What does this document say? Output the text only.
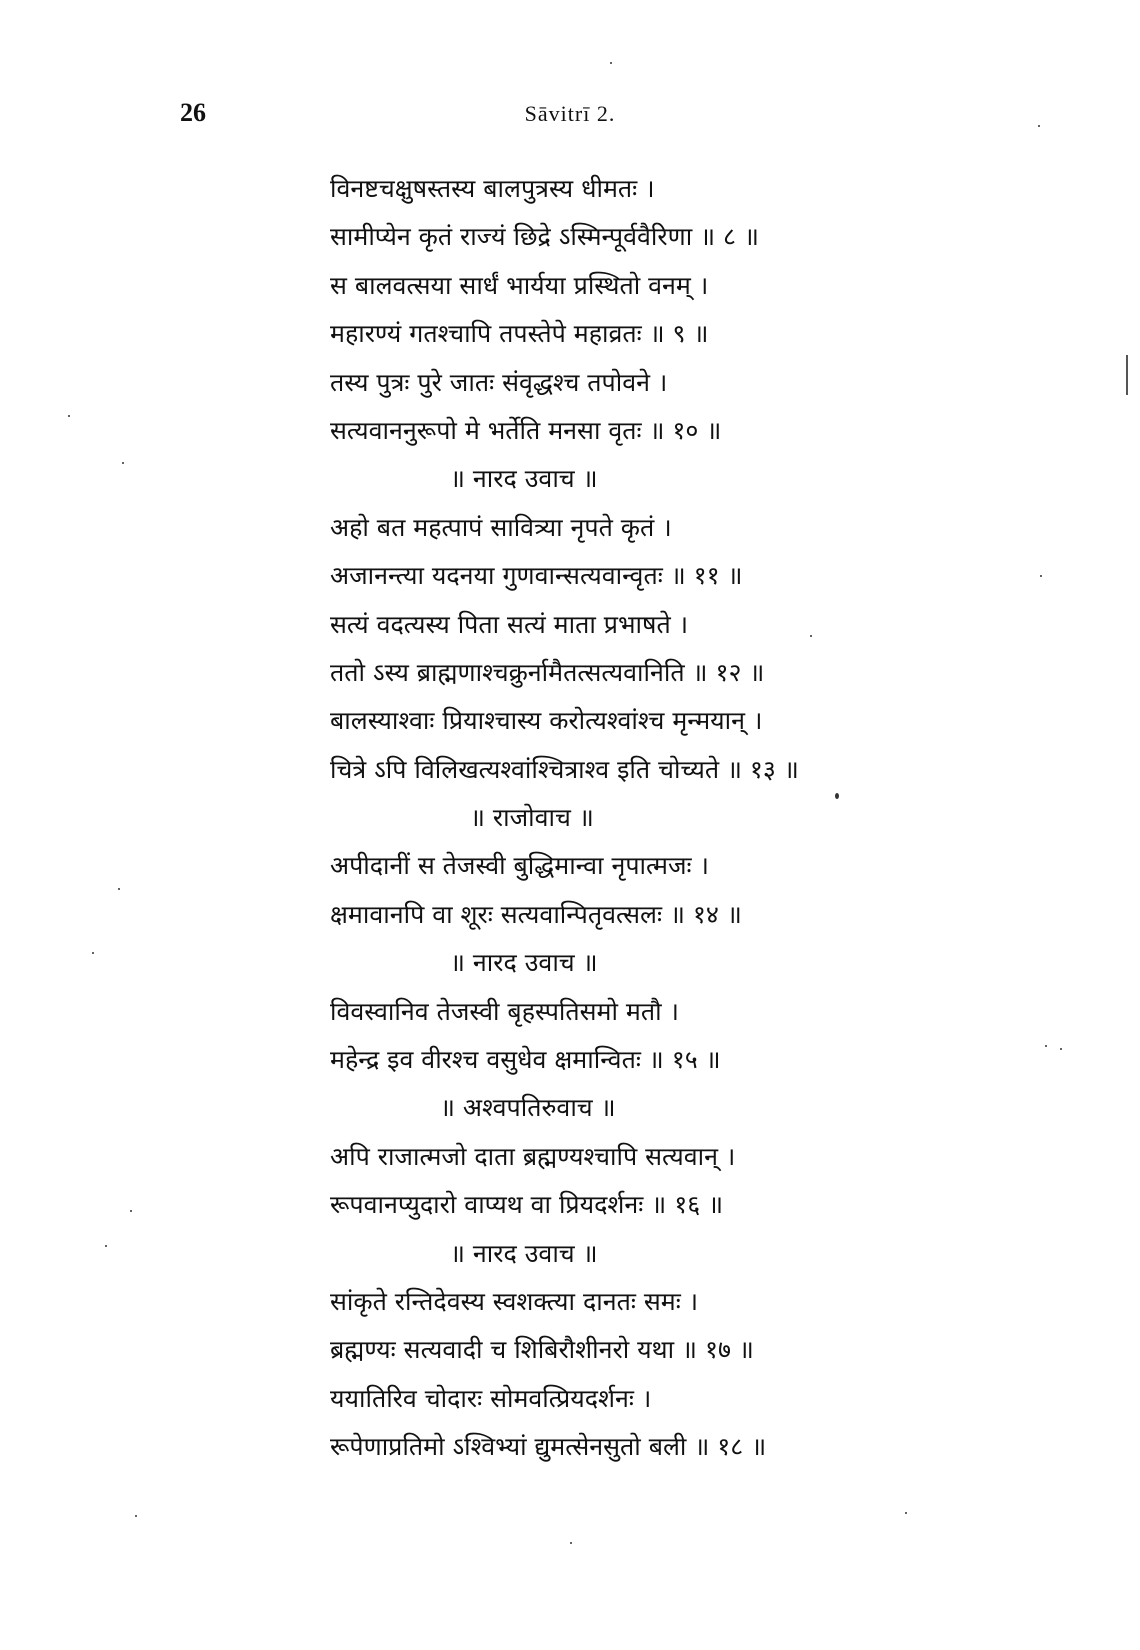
26	Sāvitrī 2.
विनष्टचक्षुषस्तस्य बालपुत्रस्य धीमतः ।
सामीप्येन कृतं राज्यं छिद्रे ऽस्मिन्पूर्ववैरिणा ॥ ८ ॥
स बालवत्सया सार्धं भार्यया प्रस्थितो वनम् ।
महारण्यं गतश्चापि तपस्तेपे महाव्रतः ॥ ९ ॥
तस्य पुत्रः पुरे जातः संवृद्धश्च तपोवने ।
सत्यवाननुरूपो मे भर्तेति मनसा वृतः ॥ १० ॥
॥ नारद उवाच ॥
अहो बत महत्पापं सावित्र्या नृपते कृतं ।
अजानन्त्या यदनया गुणवान्सत्यवान्वृतः ॥ ११ ॥
सत्यं वदत्यस्य पिता सत्यं माता प्रभाषते ।
ततो ऽस्य ब्राह्मणाश्चक्रुर्नामैतत्सत्यवानिति ॥ १२ ॥
बालस्याश्वाः प्रियाश्चास्य करोत्यश्वांश्च मृन्मयान् ।
चित्रे ऽपि विलिखत्यश्वांश्चित्राश्व इति चोच्यते ॥ १३ ॥
॥ राजोवाच ॥
अपीदानीं स तेजस्वी बुद्धिमान्वा नृपात्मजः ।
क्षमावानपि वा शूरः सत्यवान्पितृवत्सलः ॥ १४ ॥
॥ नारद उवाच ॥
विवस्वानिव तेजस्वी बृहस्पतिसमो मतौ ।
महेन्द्र इव वीरश्च वसुधेव क्षमान्वितः ॥ १५ ॥
॥ अश्वपतिरुवाच ॥
अपि राजात्मजो दाता ब्रह्मण्यश्चापि सत्यवान् ।
रूपवानप्युदारो वाप्यथ वा प्रियदर्शनः ॥ १६ ॥
॥ नारद उवाच ॥
सांकृते रन्तिदेवस्य स्वशक्त्या दानतः समः ।
ब्रह्मण्यः सत्यवादी च शिबिरौशीनरो यथा ॥ १७ ॥
ययातिरिव चोदारः सोमवत्प्रियदर्शनः ।
रूपेणाप्रतिमो ऽश्विभ्यां द्युमत्सेनसुतो बली ॥ १८ ॥
